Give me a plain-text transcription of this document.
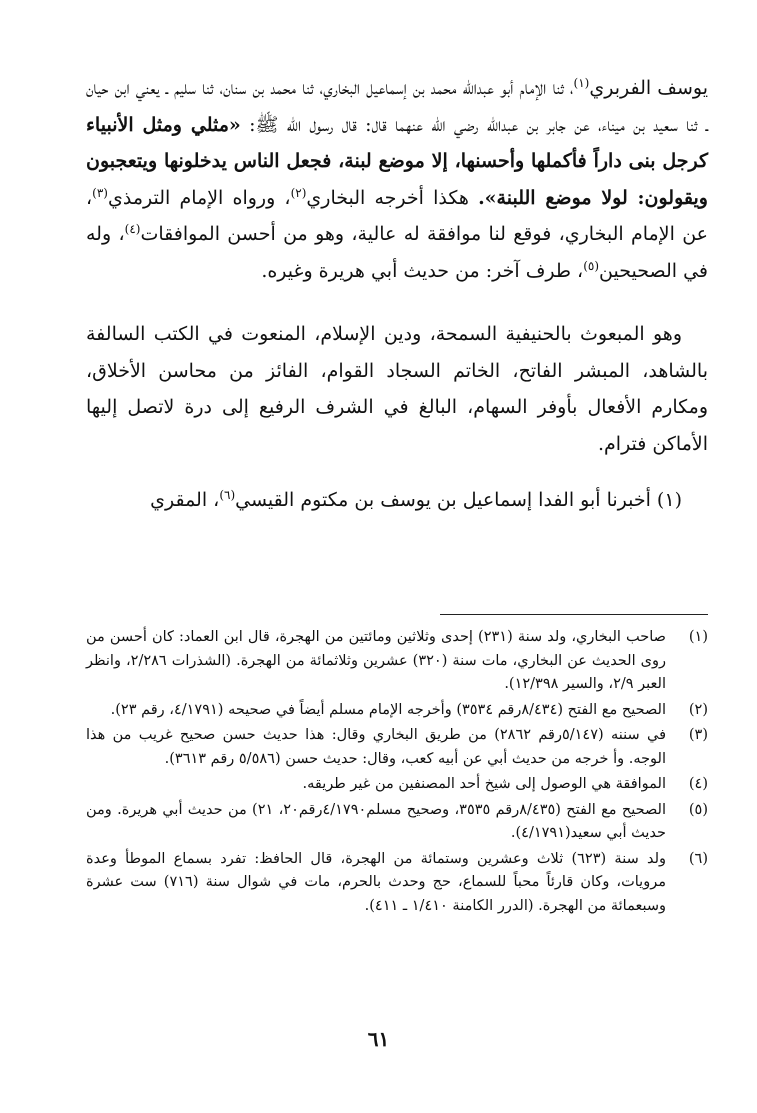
يوسف الفربري$^{(١)}$، ثنا الإمام أبو عبدالله محمد بن إسماعيل البخاري، ثنا محمد بن سنان، ثنا سليم ـ يعني ابن حيان ـ ثنا سعيد بن ميناء، عن جابر بن عبدالله رضي الله عنهما قال: قال رسول الله ﷺ: «مثلي ومثل الأنبياء كرجل بنى داراً فأكملها وأحسنها، إلا موضع لبنة، فجعل الناس يدخلونها ويتعجبون ويقولون: لولا موضع اللبنة». هكذا أخرجه البخاري$^{(٢)}$، ورواه الإمام الترمذي$^{(٣)}$، عن الإمام البخاري، فوقع لنا موافقة له عالية، وهو من أحسن الموافقات$^{(٤)}$، وله في الصحيحين$^{(٥)}$، طرف آخر: من حديث أبي هريرة وغيره.

وهو المبعوث بالحنيفية السمحة، ودين الإسلام، المنعوت في الكتب السالفة بالشاهد، المبشر الفاتح، الخاتم السجاد القوام، الفائز من محاسن الأخلاق، ومكارم الأفعال بأوفر السهام، البالغ في الشرف الرفيع إلى درة لاتصل إليها الأماكن فترام.

(١) أخبرنا أبو الفدا إسماعيل بن يوسف بن مكتوم القيسي$^{(٦)}$، المقري

(١)
صاحب البخاري، ولد سنة (٢٣١) إحدى وثلاثين ومائتين من الهجرة، قال ابن العماد: كان أحسن من روى الحديث عن البخاري، مات سنة (٣٢٠) عشرين وثلاثمائة من الهجرة. (الشذرات ٢/٢٨٦، وانظر العبر ٢/٩، والسير ١٢/٣٩٨).
(٢)
الصحيح مع الفتح (٨/٤٣٤رقم ٣٥٣٤) وأخرجه الإمام مسلم أيضاً في صحيحه (٤/١٧٩١، رقم ٢٣).
(٣)
في سننه (٥/١٤٧رقم ٢٨٦٢) من طريق البخاري وقال: هذا حديث حسن صحيح غريب من هذا الوجه. وأ خرجه من حديث أبي عن أبيه كعب، وقال: حديث حسن (٥/٥٨٦ رقم ٣٦١٣).
(٤)
الموافقة هي الوصول إلى شيخ أحد المصنفين من غير طريقه.
(٥)
الصحيح مع الفتح (٨/٤٣٥رقم ٣٥٣٥، وصحيح مسلم٤/١٧٩٠رقم٢٠، ٢١) من حديث أبي هريرة. ومن حديث أبي سعيد(٤/١٧٩١).
(٦)
ولد سنة (٦٢٣) ثلاث وعشرين وستمائة من الهجرة، قال الحافظ: تفرد بسماع الموطأ وعدة مرويات، وكان قارئاً محباً للسماع، حج وحدث بالحرم، مات في شوال سنة (٧١٦) ست عشرة وسبعمائة من الهجرة. (الدرر الكامنة ١/٤١٠ ـ ٤١١).
٦١
